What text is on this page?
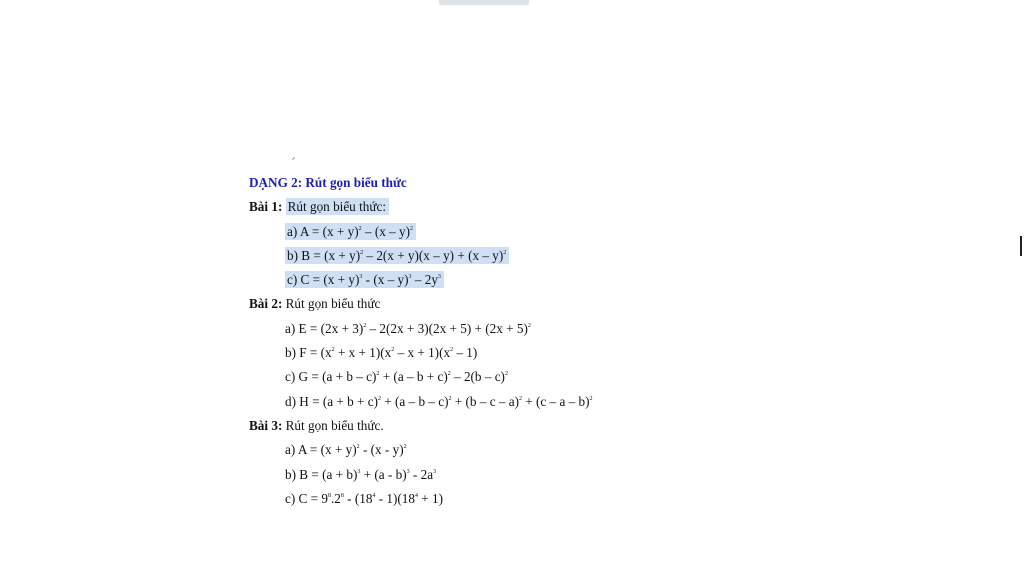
DẠNG 2: Rút gọn biểu thức
Bài 1: Rút gọn biểu thức:
a) $A = (x + y)^2 - (x - y)^2$
b) $B = (x + y)^2 - 2(x + y)(x - y) + (x - y)^2$
c) $C = (x + y)^3 - (x - y)^3 - 2y^3$
Bài 2: Rút gọn biểu thức
a) $E = (2x + 3)^2 - 2(2x + 3)(2x + 5) + (2x + 5)^2$
b) $F = (x^2 + x + 1)(x^2 - x + 1)(x^2 - 1)$
c) $G = (a + b - c)^2 + (a - b + c)^2 - 2(b - c)^2$
d) $H = (a + b + c)^2 + (a - b - c)^2 + (b - c - a)^2 + (c - a - b)^2$
Bài 3: Rút gọn biểu thức.
a) $A = (x + y)^2 - (x - y)^2$
b) $B = (a + b)^3 + (a - b)^3 - 2a^3$
c) $C = 9^8.2^8 - (18^4 - 1)(18^4 + 1)$
